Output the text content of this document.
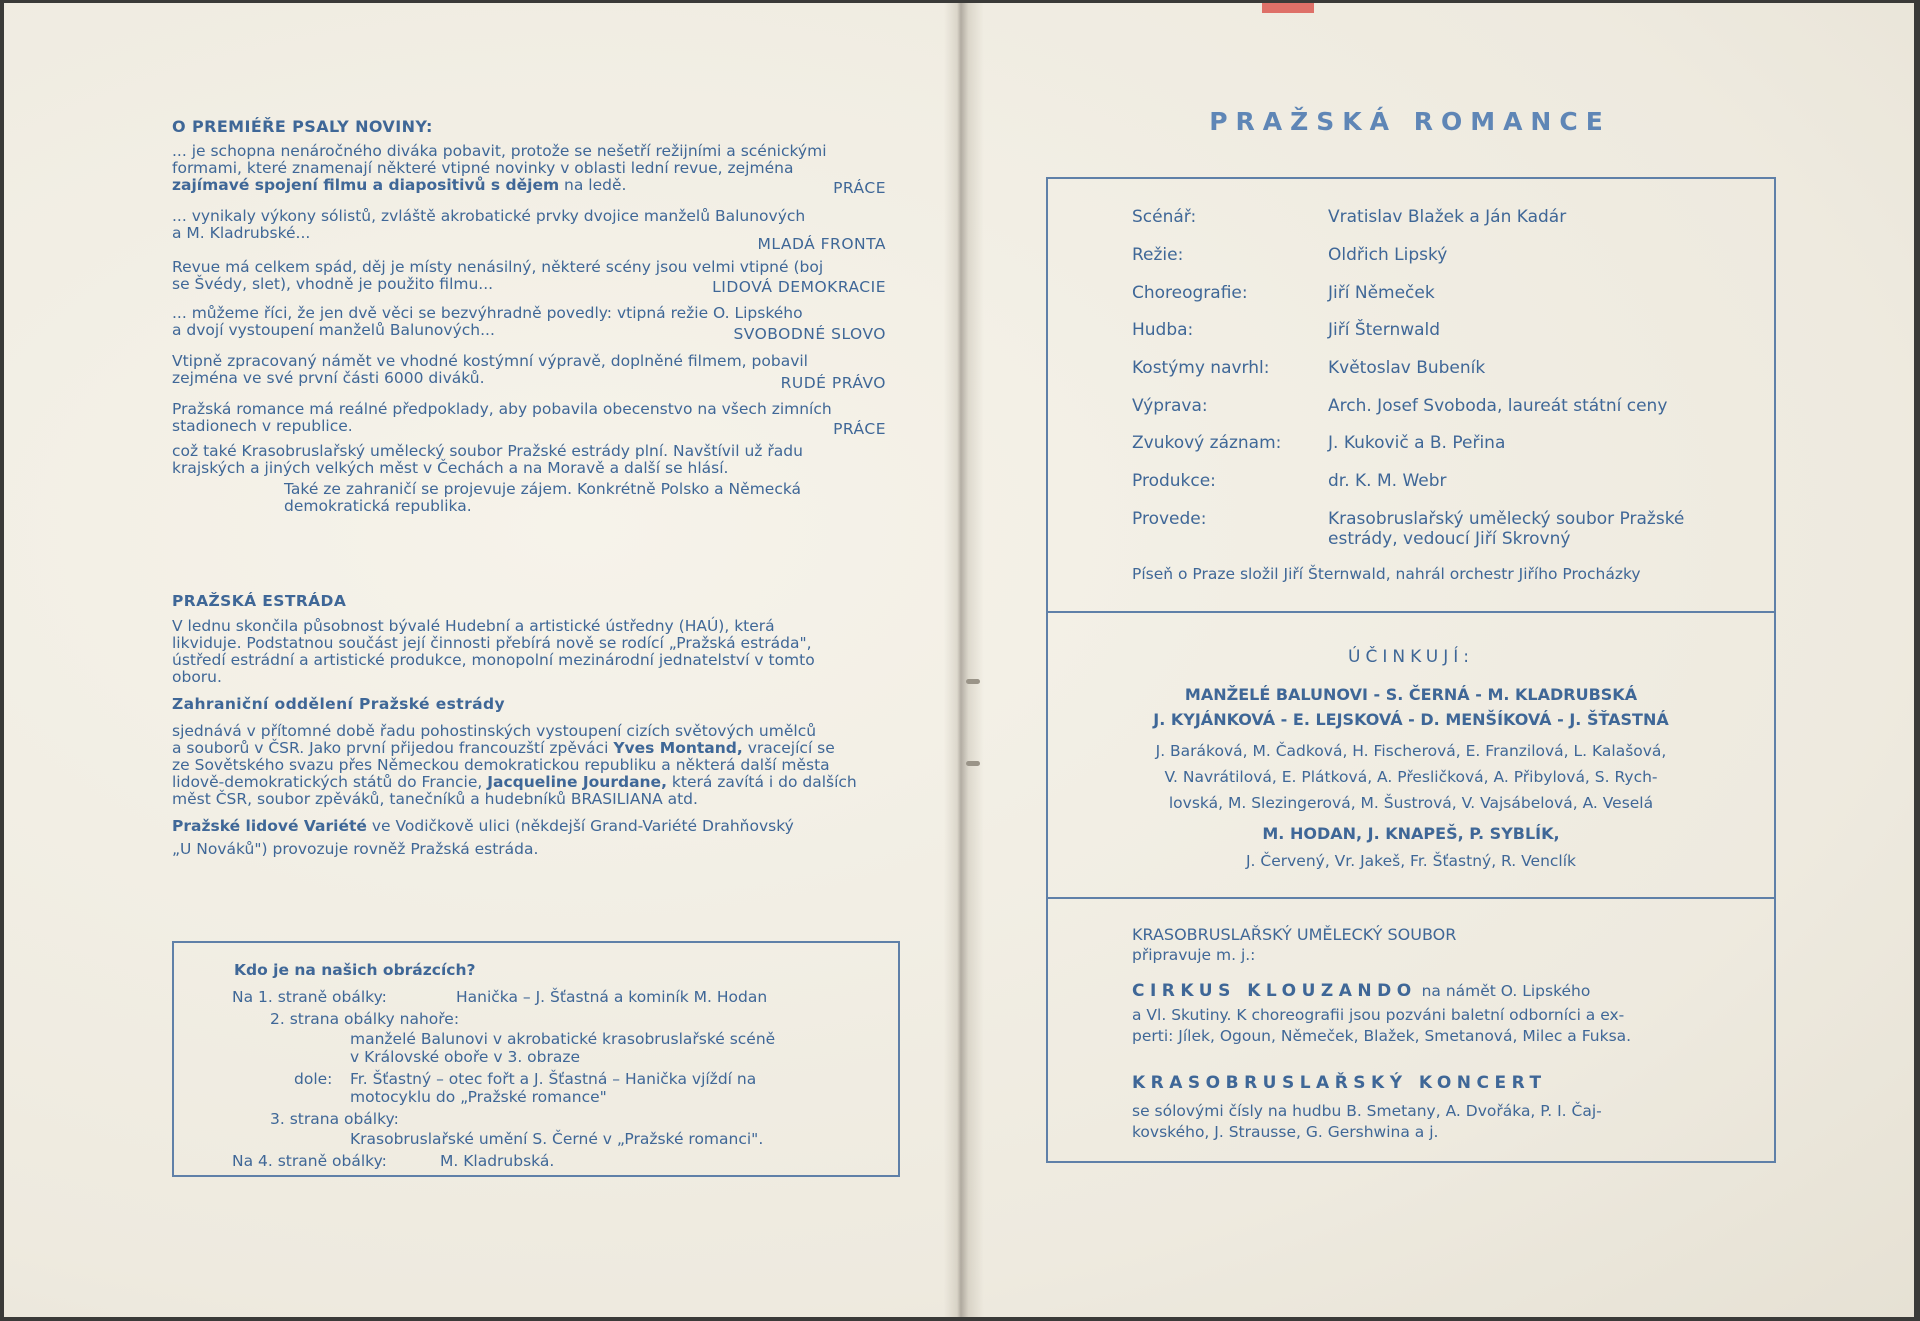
O PREMIÉŘE PSALY NOVINY:
... je schopna nenáročného diváka pobavit, protože se nešetří režijními a scénickými
formami, které znamenají některé vtipné novinky v oblasti lední revue, zejména
zajímavé spojení filmu a diapositivů s dějem na ledě.	PRÁCE
... vynikaly výkony sólistů, zvláště akrobatické prvky dvojice manželů Balunových
a M. Kladrubské...
MLADÁ FRONTA
Revue má celkem spád, děj je místy nenásilný, některé scény jsou velmi vtipné (boj
se Švédy, slet), vhodně je použito filmu...	LIDOVÁ DEMOKRACIE
... můžeme říci, že jen dvě věci se bezvýhradně povedly: vtipná režie O. Lipského
a dvojí vystoupení manželů Balunových...	SVOBODNÉ SLOVO
Vtipně zpracovaný námět ve vhodné kostýmní výpravě, doplněné filmem, pobavil
zejména ve své první části 6000 diváků.	RUDÉ PRÁVO
Pražská romance má reálné předpoklady, aby pobavila obecenstvo na všech zimních
stadionech v republice.	PRÁCE
což také Krasobruslařský umělecký soubor Pražské estrády plní. Navštívil už řadu
krajských a jiných velkých měst v Čechách a na Moravě a další se hlásí.
Také ze zahraničí se projevuje zájem. Konkrétně Polsko a Německá
demokratická republika.
PRAŽSKÁ ESTRÁDA
V lednu skončila působnost bývalé Hudební a artistické ústředny (HAÚ), která
likviduje. Podstatnou součást její činnosti přebírá nově se rodící „Pražská estráda",
ústředí estrádní a artistické produkce, monopolní mezinárodní jednatelství v tomto
oboru.
Zahraniční oddělení Pražské estrády
sjednává v přítomné době řadu pohostinských vystoupení cizích světových umělců
a souborů v ČSR. Jako první přijedou francouzští zpěváci Yves Montand, vracející se
ze Sovětského svazu přes Německou demokratickou republiku a některá další města
lidově-demokratických států do Francie, Jacqueline Jourdane, která zavítá i do dalších
měst ČSR, soubor zpěváků, tanečníků a hudebníků BRASILIANA atd.
Pražské lidové Variété ve Vodičkově ulici (někdejší Grand-Variété Drahňovský
„U Nováků") provozuje rovněž Pražská estráda.
Kdo je na našich obrázcích?
Na 1. straně obálky:	Hanička – J. Šťastná a kominík M. Hodan
2. strana obálky nahoře:
manželé Balunovi v akrobatické krasobruslařské scéně
v Královské oboře v 3. obraze
dole: Fr. Šťastný – otec fořt a J. Šťastná – Hanička vjíždí na
motocyklu do „Pražské romance"
3. strana obálky:
Krasobruslařské umění S. Černé v „Pražské romanci".
Na 4. straně obálky:	M. Kladrubská.
PRAŽSKÁ ROMANCE
Scénář:	Vratislav Blažek a Ján Kadár
Režie:	Oldřich Lipský
Choreografie:	Jiří Němeček
Hudba:	Jiří Šternwald
Kostýmy navrhl:	Květoslav Bubeník
Výprava:	Arch. Josef Svoboda, laureát státní ceny
Zvukový záznam:	J. Kukovič a B. Peřina
Produkce:	dr. K. M. Webr
Provede:	Krasobruslařský umělecký soubor Pražské estrády, vedoucí Jiří Skrovný
Píseň o Praze složil Jiří Šternwald, nahrál orchestr Jiřího Procházky
ÚČINKUJÍ:
MANŽELÉ BALUNOVI - S. ČERNÁ - M. KLADRUBSKÁ
J. KYJÁNKOVÁ - E. LEJSKOVÁ - D. MENŠÍKOVÁ - J. ŠŤASTNÁ
J. Baráková, M. Čadková, H. Fischerová, E. Franzilová, L. Kalašová,
V. Navrátilová, E. Plátková, A. Přesličková, A. Přibylová, S. Rych-
lovská, M. Slezingerová, M. Šustrová, V. Vajsábelová, A. Veselá
M. HODAN, J. KNAPEŠ, P. SYBLÍK,
J. Červený, Vr. Jakeš, Fr. Šťastný, R. Venclík
KRASOBRUSLAŘSKÝ UMĚLECKÝ SOUBOR
připravuje m. j.:
CIRKUS KLOUZANDO na námět O. Lipského
a Vl. Skutiny. K choreografii jsou pozváni baletní odborníci a ex-
perti: Jílek, Ogoun, Němeček, Blažek, Smetanová, Milec a Fuksa.
KRASOBRUSLAŘSKÝ KONCERT
se sólovými čísly na hudbu B. Smetany, A. Dvořáka, P. I. Čaj-
kovského, J. Strausse, G. Gershwina a j.
